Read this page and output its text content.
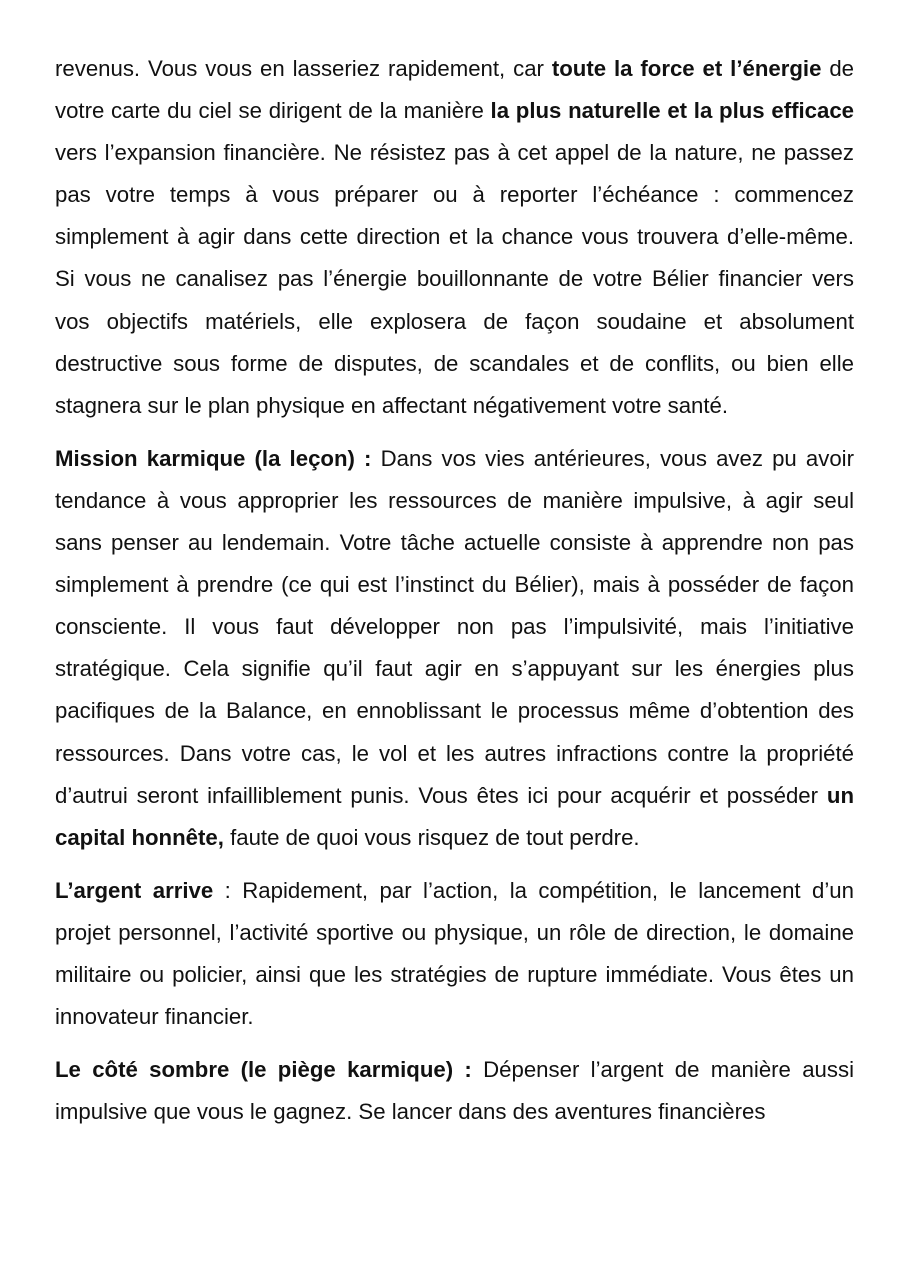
revenus. Vous vous en lasseriez rapidement, car toute la force et l’énergie de votre carte du ciel se dirigent de la manière la plus naturelle et la plus efficace vers l’expansion financière. Ne résistez pas à cet appel de la nature, ne passez pas votre temps à vous préparer ou à reporter l’échéance : commencez simplement à agir dans cette direction et la chance vous trouvera d’elle-même. Si vous ne canalisez pas l’énergie bouillonnante de votre Bélier financier vers vos objectifs matériels, elle explosera de façon soudaine et absolument destructive sous forme de disputes, de scandales et de conflits, ou bien elle stagnera sur le plan physique en affectant négativement votre santé.

Mission karmique (la leçon) : Dans vos vies antérieures, vous avez pu avoir tendance à vous approprier les ressources de manière impulsive, à agir seul sans penser au lendemain. Votre tâche actuelle consiste à apprendre non pas simplement à prendre (ce qui est l’instinct du Bélier), mais à posséder de façon consciente. Il vous faut développer non pas l’impulsivité, mais l’initiative stratégique. Cela signifie qu’il faut agir en s’appuyant sur les énergies plus pacifiques de la Balance, en ennoblissant le processus même d’obtention des ressources. Dans votre cas, le vol et les autres infractions contre la propriété d’autrui seront infailliblement punis. Vous êtes ici pour acquérir et posséder un capital honnête, faute de quoi vous risquez de tout perdre.

L’argent arrive : Rapidement, par l’action, la compétition, le lancement d’un projet personnel, l’activité sportive ou physique, un rôle de direction, le domaine militaire ou policier, ainsi que les stratégies de rupture immédiate. Vous êtes un innovateur financier.

Le côté sombre (le piège karmique) : Dépenser l’argent de manière aussi impulsive que vous le gagnez. Se lancer dans des aventures financières
